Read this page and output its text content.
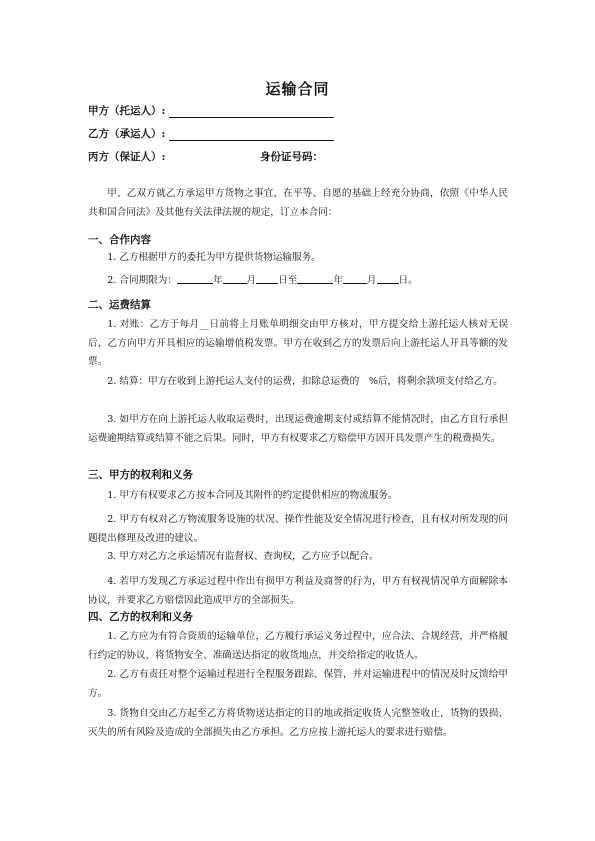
运输合同
甲方（托运人）:
乙方（承运人）:
丙方（保证人）:	身份证号码：
甲、乙双方就乙方承运甲方货物之事宜，在平等、自愿的基础上经充分协商，依照《中华人民共和国合同法》及其他有关法律法规的规定，订立本合同：
一、合作内容
1. 乙方根据甲方的委托为甲方提供货物运输服务。
2. 合同期限为：	年	月 日至	年	月 日。
二、运费结算
1. 对账：乙方于每月__日前将上月账单明细交由甲方核对，甲方提交给上游托运人核对无误后，乙方向甲方开具相应的运输增值税发票。甲方在收到乙方的发票后向上游托运人开具等额的发票。
2. 结算：甲方在收到上游托运人支付的运费，扣除总运费的　%后，将剩余款项支付给乙方。
3. 如甲方在向上游托运人收取运费时，出现运费逾期支付或结算不能情况时，由乙方自行承担运费逾期结算或结算不能之后果。同时，甲方有权要求乙方赔偿甲方因开具发票产生的税费损失。
三、甲方的权利和义务
1. 甲方有权要求乙方按本合同及其附件的约定提供相应的物流服务。
2. 甲方有权对乙方物流服务设施的状况、操作性能及安全情况进行检查，且有权对所发现的问题提出修理及改进的建议。
3. 甲方对乙方之承运情况有监督权、查询权，乙方应予以配合。
4. 若甲方发现乙方承运过程中作出有损甲方利益及商誉的行为，甲方有权视情况单方面解除本协议，并要求乙方赔偿因此造成甲方的全部损失。
四、乙方的权利和义务
1. 乙方应为有符合资质的运输单位，乙方履行承运义务过程中，应合法、合规经营，并严格履行约定的协议，将货物安全、准确送达指定的收货地点，并交给指定的收货人。
2. 乙方有责任对整个运输过程进行全程服务跟踪、保管，并对运输进程中的情况及时反馈给甲方。
3. 货物自交由乙方起至乙方将货物送达指定的目的地或指定收货人完整签收止，货物的毁损、灭失的所有风险及造成的全部损失由乙方承担。乙方应按上游托运人的要求进行赔偿。
